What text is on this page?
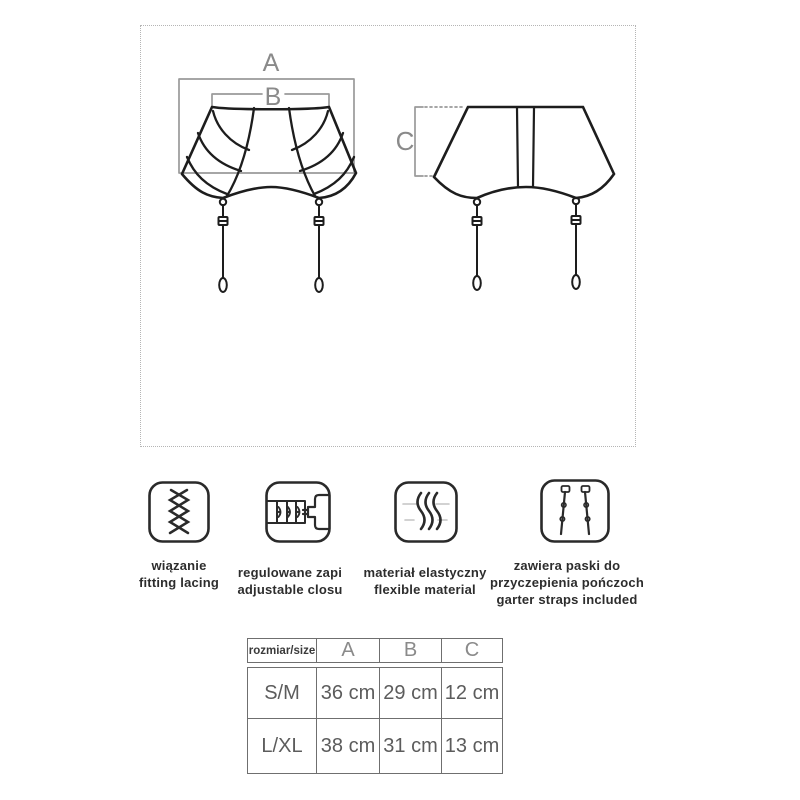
A
B
C
wiązanie
fitting lacing
regulowane zapi
adjustable closu
materiał elastyczny
flexible material
zawiera paski do
przyczepienia pończoch
garter straps included
rozmiar/size	A	B	C
S/M	36 cm 29 cm 12 cm
L/XL 38 cm 31 cm 13 cm
